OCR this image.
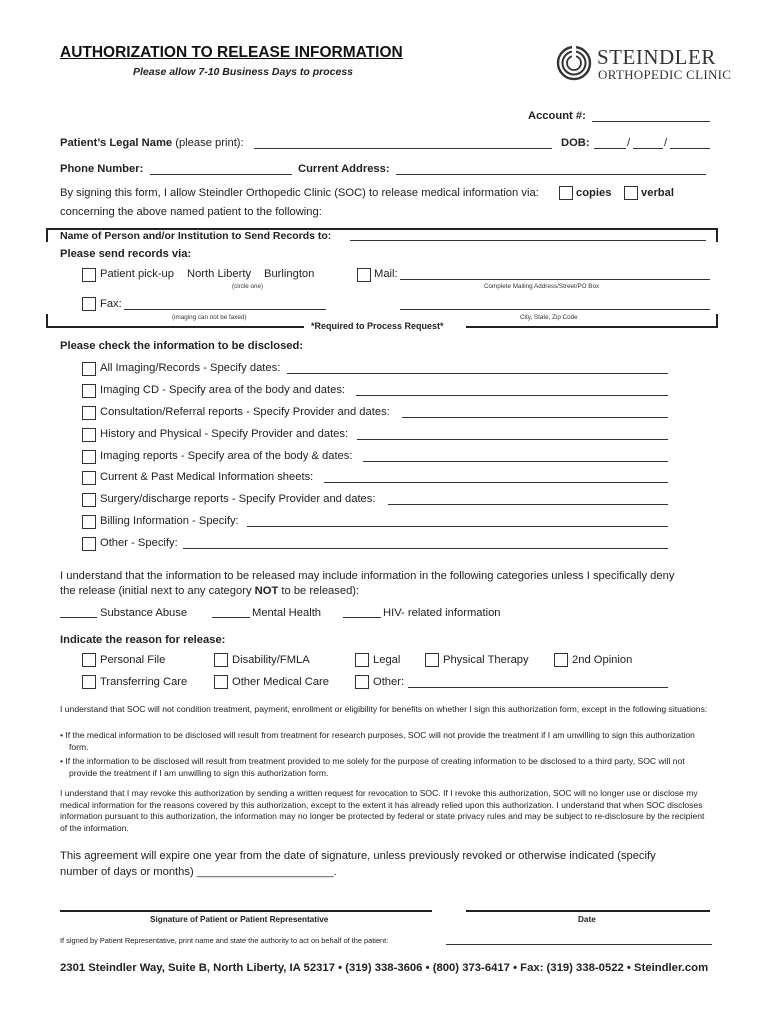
AUTHORIZATION TO RELEASE INFORMATION
Please allow 7-10 Business Days to process
STEINDLER
ORTHOPEDIC CLINIC
Account #:
Patient’s Legal Name (please print):	DOB:	/	/
Phone Number:	Current Address:
By signing this form, I allow Steindler Orthopedic Clinic (SOC) to release medical information via:	copies	verbal
concerning the above named patient to the following:
Name of Person and/or Institution to Send Records to:
Please send records via:
Patient pick-up North Liberty Burlington
(circle one)
Mail:
Complete Mailing Address/Street/PO Box
Fax:
(imaging can not be faxed)	City, State, Zip Code
*Required to Process Request*
Please check the information to be disclosed:
All Imaging/Records - Specify dates:
Imaging CD - Specify area of the body and dates:
Consultation/Referral reports - Specify Provider and dates:
History and Physical - Specify Provider and dates:
Imaging reports - Specify area of the body & dates:
Current & Past Medical Information sheets:
Surgery/discharge reports - Specify Provider and dates:
Billing Information - Specify:
Other - Specify:
I understand that the information to be released may include information in the following categories unless I specifically deny
the release (initial next to any category NOT to be released):
Substance Abuse	Mental Health	HIV- related information
Indicate the reason for release:
Personal File	Disability/FMLA	Legal	Physical Therapy	2nd Opinion
Transferring Care	Other Medical Care	Other:
I understand that SOC will not condition treatment, payment, enrollment or eligibility for benefits on whether I sign this authorization form, except in the following situations:
• If the medical information to be disclosed will result from treatment for research purposes, SOC will not provide the treatment if I am unwilling to sign this authorization form.
• If the information to be disclosed will result from treatment provided to me solely for the purpose of creating information to be disclosed to a third party, SOC will not provide the treatment if I am unwilling to sign this authorization form.
I understand that I may revoke this authorization by sending a written request for revocation to SOC. If I revoke this authorization, SOC will no longer use or disclose my medical information for the reasons covered by this authorization, except to the extent it has already relied upon this authorization. I understand that when SOC discloses information pursuant to this authorization, the information may no longer be protected by federal or state privacy rules and may be subject to re-disclosure by the recipient of the information.
This agreement will expire one year from the date of signature, unless previously revoked or otherwise indicated (specify
number of days or months) ______________________.
Signature of Patient or Patient Representative	Date
If signed by Patient Representative, print name and state the authority to act on behalf of the patient:
2301 Steindler Way, Suite B, North Liberty, IA 52317 • (319) 338-3606 • (800) 373-6417 • Fax: (319) 338-0522 • Steindler.com
